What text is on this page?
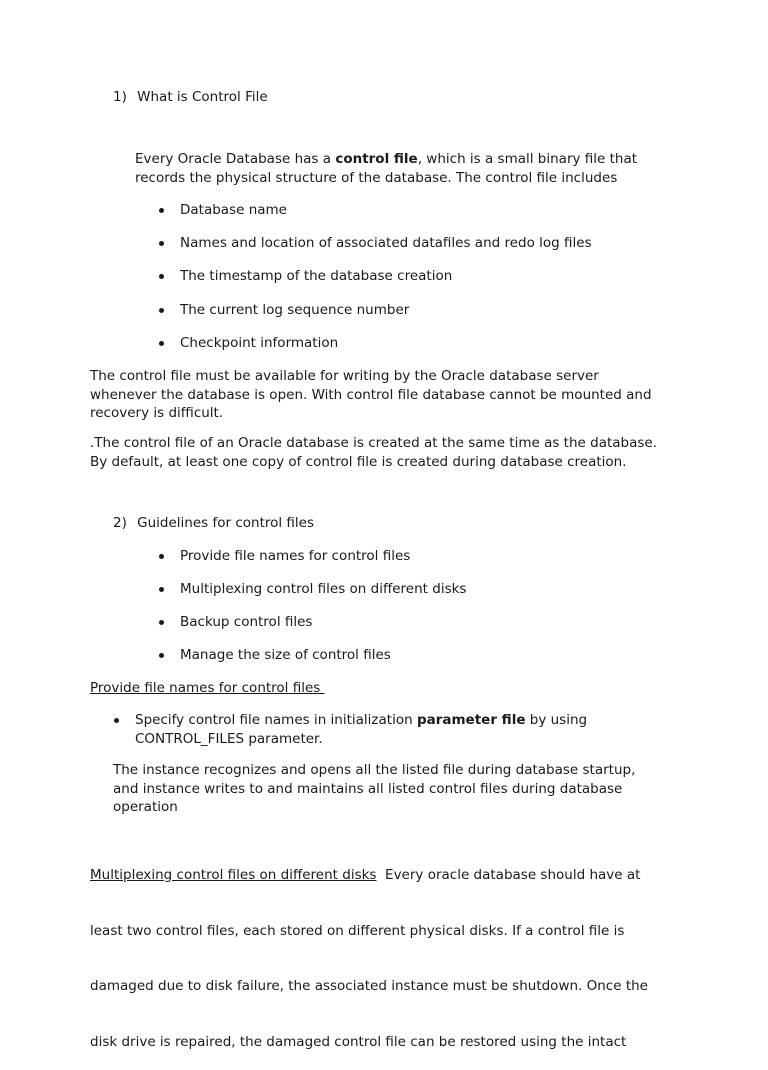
1) What is Control File
Every Oracle Database has a control file, which is a small binary file that
records the physical structure of the database. The control file includes
Database name
Names and location of associated datafiles and redo log files
The timestamp of the database creation
The current log sequence number
Checkpoint information
The control file must be available for writing by the Oracle database server
whenever the database is open. With control file database cannot be mounted and
recovery is difficult.
.The control file of an Oracle database is created at the same time as the database.
By default, at least one copy of control file is created during database creation.
2) Guidelines for control files
Provide file names for control files
Multiplexing control files on different disks
Backup control files
Manage the size of control files
Provide file names for control files
Specify control file names in initialization parameter file by using
CONTROL_FILES parameter.
The instance recognizes and opens all the listed file during database startup,
and instance writes to and maintains all listed control files during database
operation

Multiplexing control files on different disks  Every oracle database should have at

least two control files, each stored on different physical disks. If a control file is

damaged due to disk failure, the associated instance must be shutdown. Once the

disk drive is repaired, the damaged control file can be restored using the intact
